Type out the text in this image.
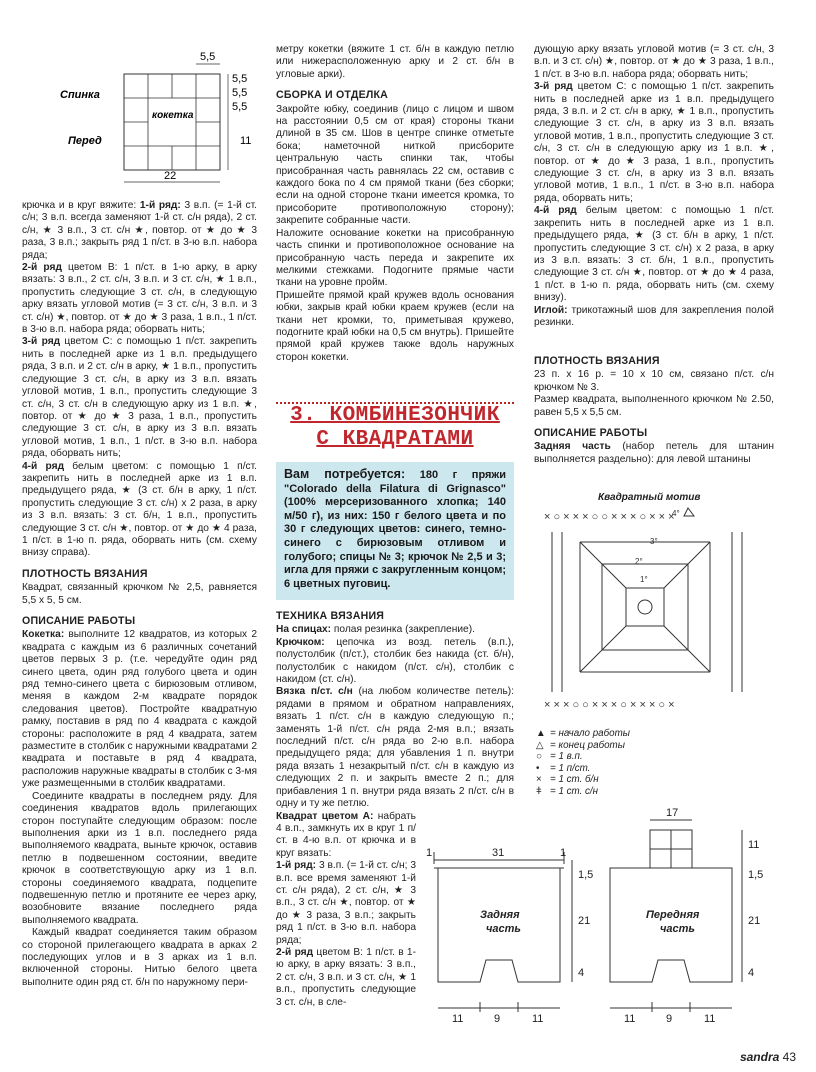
5,5
5,5
5,5
5,5
11
22
Спинка
Перед
кокетка

крючка и в круг вяжите: 1-й ряд: 3 в.п. (= 1-й ст. с/н; 3 в.п. всегда заменяют 1-й ст. с/н ряда), 2 ст. с/н, ★ 3 в.п., 3 ст. с/н ★, повтор. от ★ до ★ 3 раза, 3 в.п.; закрыть ряд 1 п/ст. в 3-ю в.п. набора ряда;

2-й ряд цветом B: 1 п/ст. в 1-ю арку, в арку вязать: 3 в.п., 2 ст. с/н, 3 в.п. и 3 ст. с/н, ★ 1 в.п., пропустить следующие 3 ст. с/н, в следующую арку вязать угловой мотив (= 3 ст. с/н, 3 в.п. и 3 ст. с/н) ★, повтор. от ★ до ★ 3 раза, 1 в.п., 1 п/ст. в 3-ю в.п. набора ряда; оборвать нить;

3-й ряд цветом C: с помощью 1 п/ст. закрепить нить в последней арке из 1 в.п. предыдущего ряда, 3 в.п. и 2 ст. с/н в арку, ★ 1 в.п., пропустить следующие 3 ст. с/н, в арку из 3 в.п. вязать угловой мотив, 1 в.п., пропустить следующие 3 ст. с/н, 3 ст. с/н в следующую арку из 1 в.п. ★, повтор. от ★ до ★ 3 раза, 1 в.п., пропустить следующие 3 ст. с/н, в арку из 3 в.п. вязать угловой мотив, 1 в.п., 1 п/ст. в 3-ю в.п. набора ряда, оборвать нить;

4-й ряд белым цветом: с помощью 1 п/ст. закрепить нить в последней арке из 1 в.п. предыдущего ряда, ★ (3 ст. б/н в арку, 1 п/ст. пропустить следующие 3 ст. с/н) х 2 раза, в арку из 3 в.п. вязать: 3 ст. б/н, 1 в.п., пропустить следующие 3 ст. с/н ★, повтор. от ★ до ★ 4 раза, 1 п/ст. в 1-ю п. ряда, оборвать нить (см. схему внизу справа).

ПЛОТНОСТЬ ВЯЗАНИЯ

Квадрат, связанный крючком № 2,5, равняется 5,5 х 5, 5 см.

ОПИСАНИЕ РАБОТЫ

Кокетка: выполните 12 квадратов, из которых 2 квадрата с каждым из 6 различных сочетаний цветов первых 3 р. (т.е. чередуйте один ряд синего цвета, один ряд голубого цвета и один ряд темно-синего цвета с бирюзовым отливом, меняя в каждом 2-м квадрате порядок следования цветов). Постройте квадратную рамку, поставив в ряд по 4 квадрата с каждой стороны: расположите в ряд 4 квадрата, затем разместите в столбик с наружными квадратами 2 квадрата и поставьте в ряд 4 квадрата, расположив наружные квадраты в столбик с 3-мя уже размещенными в столбик квадратами.

Соедините квадраты в последнем ряду. Для соединения квадратов вдоль прилегающих сторон поступайте следующим образом: после выполнения арки из 1 в.п. последнего ряда выполняемого квадрата, выньте крючок, оставив петлю в подвешенном состоянии, введите крючок в соответствующую арку из 1 в.п. стороны соединяемого квадрата, подцепите подвешенную петлю и протяните ее через арку, возобновите вязание последнего ряда выполняемого квадрата.

Каждый квадрат соединяется таким образом со стороной прилегающего квадрата в арках 2 последующих углов и в 3 арках из 1 в.п. включенной стороны. Нитью белого цвета выполните один ряд ст. б/н по наружному пери-

метру кокетки (вяжите 1 ст. б/н в каждую петлю или нижерасположенную арку и 2 ст. б/н в угловые арки).

СБОРКА И ОТДЕЛКА

Закройте юбку, соединив (лицо с лицом и швом на расстоянии 0,5 см от края) стороны ткани длиной в 35 см. Шов в центре спинке отметьте бока; наметочной ниткой присборите центральную часть спинки так, чтобы присобранная часть равнялась 22 см, оставив с каждого бока по 4 см прямой ткани (без сборки; если на одной стороне ткани имеется кромка, то присоборите противоположную сторону); закрепите собранные части.

Наложите основание кокетки на присобранную часть спинки и противоположное основание на присобранную часть переда и закрепите их мелкими стежками. Подогните прямые части ткани на уровне пройм.

Пришейте прямой край кружев вдоль основания юбки, закрыв край юбки краем кружев (если на ткани нет кромки, то, приметывая кружево, подогните край юбки на 0,5 см внутрь). Пришейте прямой край кружев также вдоль наружных сторон кокетки.

3. КОМБИНЕЗОНЧИК
С КВАДРАТАМИ
Вам потребуется: 180 г пряжи "Colorado della Filatura di Grignasco" (100% мерсеризованного хлопка; 140 м/50 г), из них: 150 г белого цвета и по 30 г следующих цветов: синего, темно-синего с бирюзовым отливом и голубого; спицы № 3; крючок № 2,5 и 3; игла для пряжи с закругленным концом; 6 цветных пуговиц.
ТЕХНИКА ВЯЗАНИЯ

На спицах: полая резинка (закрепление).

Крючком: цепочка из возд. петель (в.п.), полустолбик (п/ст.), столбик без накида (ст. б/н), полустолбик с накидом (п/ст. с/н), столбик с накидом (ст. с/н).

Вязка п/ст. с/н (на любом количестве петель): рядами в прямом и обратном направлениях, вязать 1 п/ст. с/н в каждую следующую п.; заменять 1-й п/ст. с/н ряда 2-мя в.п.; вязать последний п/ст. с/н ряда во 2-ю в.п. набора предыдущего ряда; для убавления 1 п. внутри ряда вязать 1 незакрытый п/ст. с/н в каждую из следующих 2 п. и закрыть вместе 2 п.; для прибавления 1 п. внутри ряда вязать 2 п/ст. с/н в одну и ту же петлю.

Квадрат цветом А: набрать 4 в.п., замкнуть их в круг 1 п/ст. в 4-ю в.п. от крючка и в круг вязать:

1-й ряд: 3 в.п. (= 1-й ст. с/н; 3 в.п. все время заменяют 1-й ст. с/н ряда), 2 ст. с/н, ★ 3 в.п., 3 ст. с/н ★, повтор. от ★ до ★ 3 раза, 3 в.п.; закрыть ряд 1 п/ст. в 3-ю в.п. набора ряда;

2-й ряд цветом B: 1 п/ст. в 1-ю арку, в арку вязать: 3 в.п., 2 ст. с/н, 3 в.п. и 3 ст. с/н, ★ 1 в.п., пропустить следующие 3 ст. с/н, в сле-

дующую арку вязать угловой мотив (= 3 ст. с/н, 3 в.п. и 3 ст. с/н) ★, повтор. от ★ до ★ 3 раза, 1 в.п., 1 п/ст. в 3-ю в.п. набора ряда; оборвать нить;

3-й ряд цветом C: с помощью 1 п/ст. закрепить нить в последней арке из 1 в.п. предыдущего ряда, 3 в.п. и 2 ст. с/н в арку, ★ 1 в.п., пропустить следующие 3 ст. с/н, в арку из 3 в.п. вязать угловой мотив, 1 в.п., пропустить следующие 3 ст. с/н, 3 ст. с/н в следующую арку из 1 в.п. ★, повтор. от ★ до ★ 3 раза, 1 в.п., пропустить следующие 3 ст. с/н, в арку из 3 в.п. вязать угловой мотив, 1 в.п., 1 п/ст. в 3-ю в.п. набора ряда, оборвать нить;

4-й ряд белым цветом: с помощью 1 п/ст. закрепить нить в последней арке из 1 в.п. предыдущего ряда, ★ (3 ст. б/н в арку, 1 п/ст. пропустить следующие 3 ст. с/н) х 2 раза, в арку из 3 в.п. вязать: 3 ст. б/н, 1 в.п., пропустить следующие 3 ст. с/н ★, повтор. от ★ до ★ 4 раза, 1 п/ст. в 1-ю п. ряда, оборвать нить (см. схему внизу).

Иглой: трикотажный шов для закрепления полой резинки.

ПЛОТНОСТЬ ВЯЗАНИЯ

23 п. х 16 р. = 10 х 10 см, связано п/ст. с/н крючком № 3.

Размер квадрата, выполненного крючком № 2.50, равен 5,5 х 5,5 см.

ОПИСАНИЕ РАБОТЫ

Задняя часть (набор петель для штанин выполняется раздельно): для левой штанины

Квадратный мотив
× ○ × × × ○ ○ × × × ○ × × ×
× × × ○ ○ × × × ○ × × × ○ ×
4°
3°
2°
1°
▲ = начало работы
△ = конец работы
○ = 1 в.п.
• = 1 п/ст.
× = 1 ст. б/н
ǂ = 1 ст. с/н
1	31	1
1,5
21
4
11	9	11
17
11
1,5
21
4
11	9	11
Задняя
часть
Передняя
часть
sandra 43
